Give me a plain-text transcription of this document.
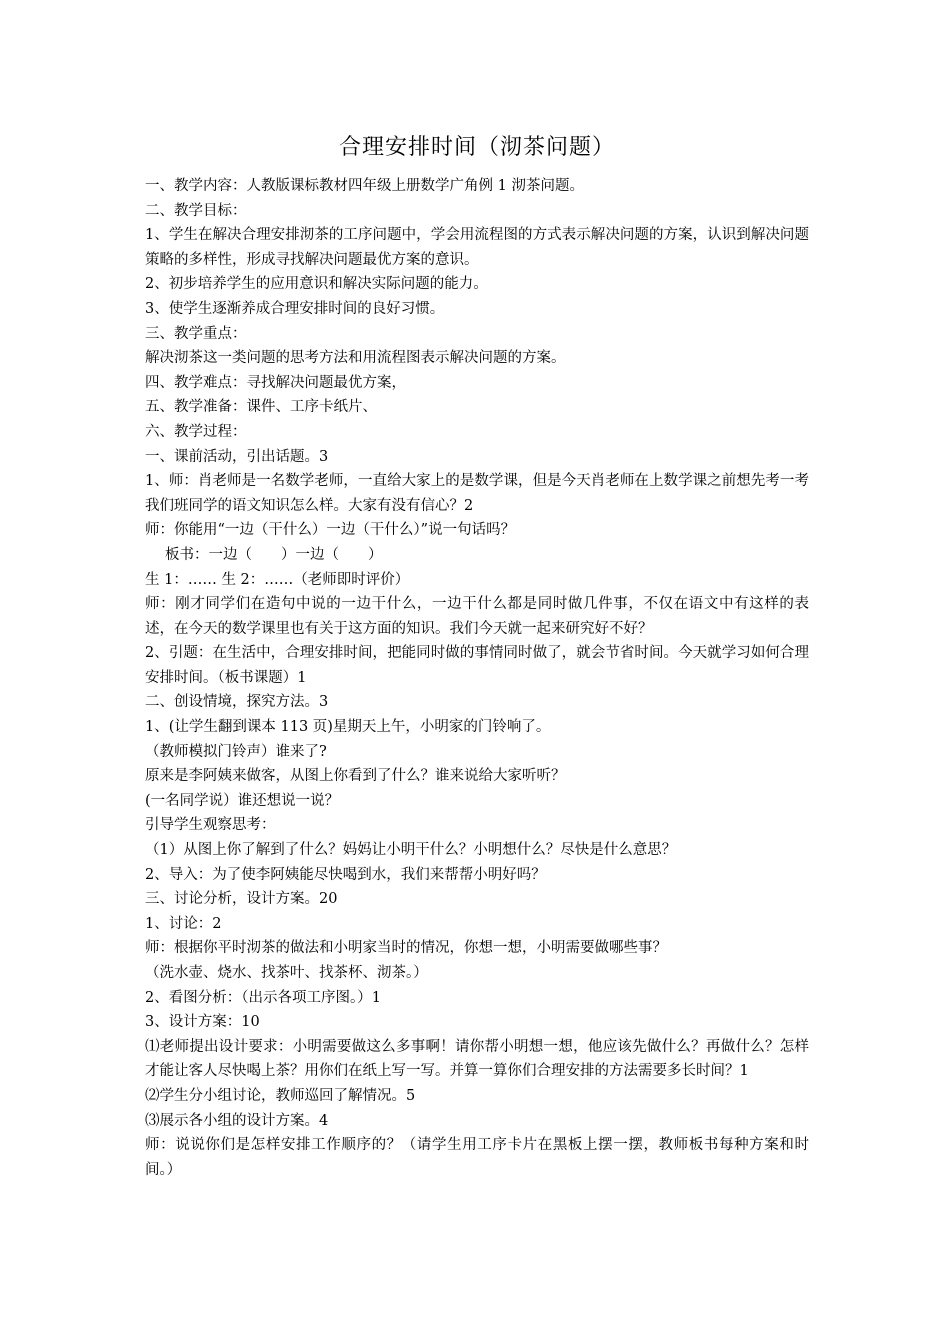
合理安排时间（沏茶问题）

一、教学内容：人教版课标教材四年级上册数学广角例 1 沏茶问题。

二、教学目标：

1、学生在解决合理安排沏茶的工序问题中，学会用流程图的方式表示解决问题的方案，认识到解决问题策略的多样性，形成寻找解决问题最优方案的意识。

2、初步培养学生的应用意识和解决实际问题的能力。

3、使学生逐渐养成合理安排时间的良好习惯。

三、教学重点：

解决沏茶这一类问题的思考方法和用流程图表示解决问题的方案。

四、教学难点：寻找解决问题最优方案，

五、教学准备：课件、工序卡纸片、

六、教学过程：

一、课前活动，引出话题。3

1、师：肖老师是一名数学老师，一直给大家上的是数学课，但是今天肖老师在上数学课之前想先考一考我们班同学的语文知识怎么样。大家有没有信心？2

师：你能用“一边（干什么）一边（干什么）”说一句话吗？

板书：一边（　　）一边（　　）

生 1：…… 生 2：……（老师即时评价）

师：刚才同学们在造句中说的一边干什么，一边干什么都是同时做几件事，不仅在语文中有这样的表述，在今天的数学课里也有关于这方面的知识。我们今天就一起来研究好不好？

2、引题：在生活中，合理安排时间，把能同时做的事情同时做了，就会节省时间。今天就学习如何合理安排时间。（板书课题）1

二、创设情境，探究方法。3

1、(让学生翻到课本 113 页)星期天上午，小明家的门铃响了。

（教师模拟门铃声）谁来了?

原来是李阿姨来做客，从图上你看到了什么？谁来说给大家听听？

(一名同学说）谁还想说一说？

引导学生观察思考：

（1）从图上你了解到了什么？妈妈让小明干什么？小明想什么？尽快是什么意思？

2、导入：为了使李阿姨能尽快喝到水，我们来帮帮小明好吗？

三、讨论分析，设计方案。20

1、讨论：2

师：根据你平时沏茶的做法和小明家当时的情况，你想一想，小明需要做哪些事？

（洗水壶、烧水、找茶叶、找茶杯、沏茶。）

2、看图分析：（出示各项工序图。）1

3、设计方案：10

⑴老师提出设计要求：小明需要做这么多事啊！请你帮小明想一想，他应该先做什么？再做什么？怎样才能让客人尽快喝上茶？用你们在纸上写一写。并算一算你们合理安排的方法需要多长时间？1

⑵学生分小组讨论，教师巡回了解情况。5

⑶展示各小组的设计方案。4

师：说说你们是怎样安排工作顺序的？（请学生用工序卡片在黑板上摆一摆，教师板书每种方案和时间。）
